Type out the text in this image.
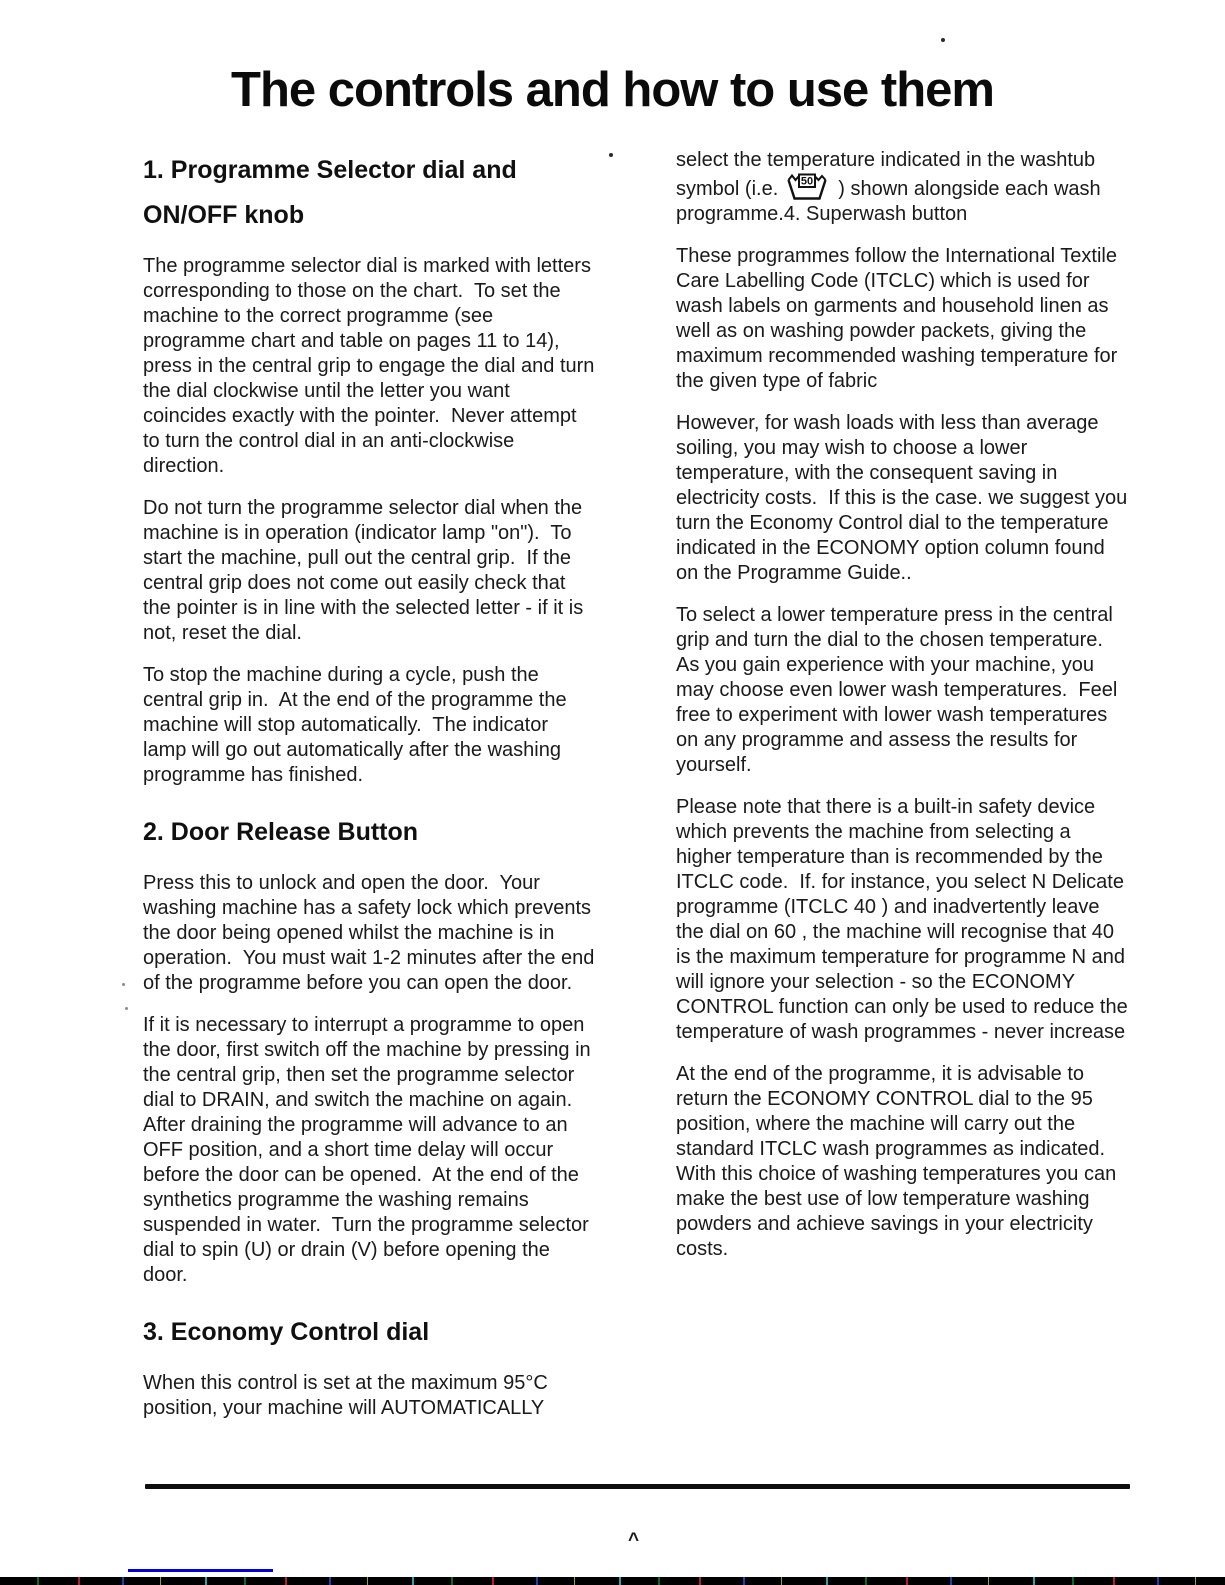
The controls and how to use them
1. Programme Selector dial and
ON/OFF knob

The programme selector dial is marked with letters corresponding to those on the chart.  To set the machine to the correct programme (see programme chart and table on pages 11 to 14), press in the central grip to engage the dial and turn the dial clockwise until the letter you want coincides exactly with the pointer.  Never attempt to turn the control dial in an anti-clockwise direction.

Do not turn the programme selector dial when the machine is in operation (indicator lamp "on").  To start the machine, pull out the central grip.  If the central grip does not come out easily check that the pointer is in line with the selected letter - if it is not, reset the dial.

To stop the machine during a cycle, push the central grip in.  At the end of the programme the machine will stop automatically.  The indicator lamp will go out automatically after the washing programme has finished.

2. Door Release Button

Press this to unlock and open the door.  Your washing machine has a safety lock which prevents the door being opened whilst the machine is in operation.  You must wait 1-2 minutes after the end of the programme before you can open the door.

If it is necessary to interrupt a programme to open the door, first switch off the machine by pressing in the central grip, then set the programme selector dial to DRAIN, and switch the machine on again.  After draining the programme will advance to an OFF position, and a short time delay will occur before the door can be opened.  At the end of the synthetics programme the washing remains suspended in water.  Turn the programme selector dial to spin (U) or drain (V) before opening the door.

3. Economy Control dial

When this control is set at the maximum 95°C position, your machine will AUTOMATICALLY

select the temperature indicated in the washtub symbol (i.e. 50 ) shown alongside each wash programme.4. Superwash button

These programmes follow the International Textile Care Labelling Code (ITCLC) which is used for wash labels on garments and household linen as well as on washing powder packets, giving the maximum recommended washing temperature for the given type of fabric

However, for wash loads with less than average soiling, you may wish to choose a lower temperature, with the consequent saving in electricity costs.  If this is the case. we suggest you turn the Economy Control dial to the temperature indicated in the ECONOMY option column found on the Programme Guide..

To select a lower temperature press in the central grip and turn the dial to the chosen temperature.  As you gain experience with your machine, you may choose even lower wash temperatures.  Feel free to experiment with lower wash temperatures on any programme and assess the results for yourself.

Please note that there is a built-in safety device which prevents the machine from selecting a higher temperature than is recommended by the ITCLC code.  If. for instance, you select N Delicate programme (ITCLC 40 ) and inadvertently leave the dial on 60 , the machine will recognise that 40  is the maximum temperature for programme N and will ignore your selection - so the ECONOMY CONTROL function can only be used to reduce the temperature of wash programmes - never increase

At the end of the programme, it is advisable to return the ECONOMY CONTROL dial to the 95  position, where the machine will carry out the standard ITCLC wash programmes as indicated.  With this choice of washing temperatures you can make the best use of low temperature washing powders and achieve savings in your electricity costs.

^
